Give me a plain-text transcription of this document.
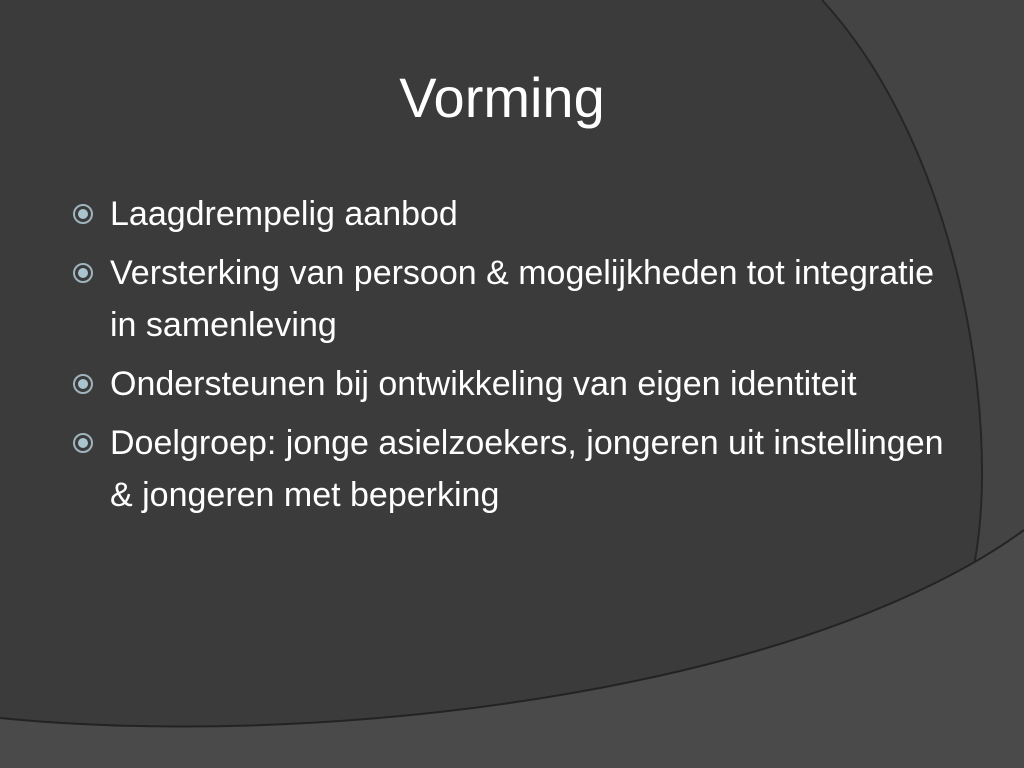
Vorming
Laagdrempelig aanbod
Versterking van persoon & mogelijkheden tot integratie in samenleving
Ondersteunen bij ontwikkeling van eigen identiteit
Doelgroep: jonge asielzoekers, jongeren uit instellingen & jongeren met beperking
